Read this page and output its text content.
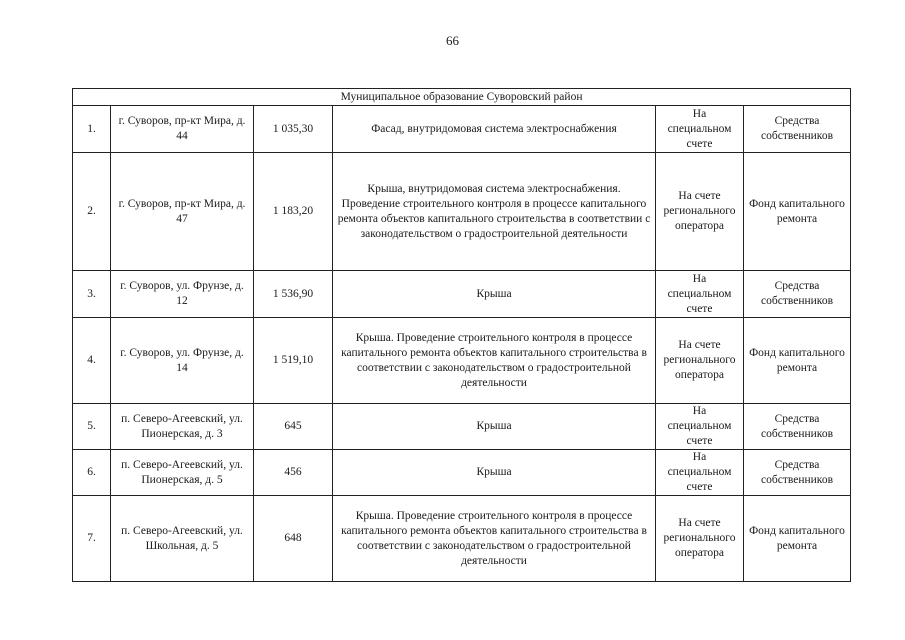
66
Муниципальное образование Суворовский район					
1.	г. Суворов, пр-кт Мира, д. 44	1 035,30	Фасад, внутридомовая система электроснабжения	На специальном счете	Средства собственников
2.	г. Суворов, пр-кт Мира, д. 47	1 183,20	Крыша, внутридомовая система электроснабжения. Проведение строительного контроля в процессе капитального ремонта объектов капитального строительства в соответствии с законодательством о градостроительной деятельности	На счете регионального оператора	Фонд капитального ремонта
3.	г. Суворов, ул. Фрунзе, д. 12	1 536,90	Крыша	На специальном счете	Средства собственников
4.	г. Суворов, ул. Фрунзе, д. 14	1 519,10	Крыша. Проведение строительного контроля в процессе капитального ремонта объектов капитального строительства в соответствии с законодательством о градостроительной деятельности	На счете регионального оператора	Фонд капитального ремонта
5.	п. Северо-Агеевский, ул. Пионерская, д. 3	645	Крыша	На специальном счете	Средства собственников
6.	п. Северо-Агеевский, ул. Пионерская, д. 5	456	Крыша	На специальном счете	Средства собственников
7.	п. Северо-Агеевский, ул. Школьная, д. 5	648	Крыша. Проведение строительного контроля в процессе капитального ремонта объектов капитального строительства в соответствии с законодательством о градостроительной деятельности	На счете регионального оператора	Фонд капитального ремонта
